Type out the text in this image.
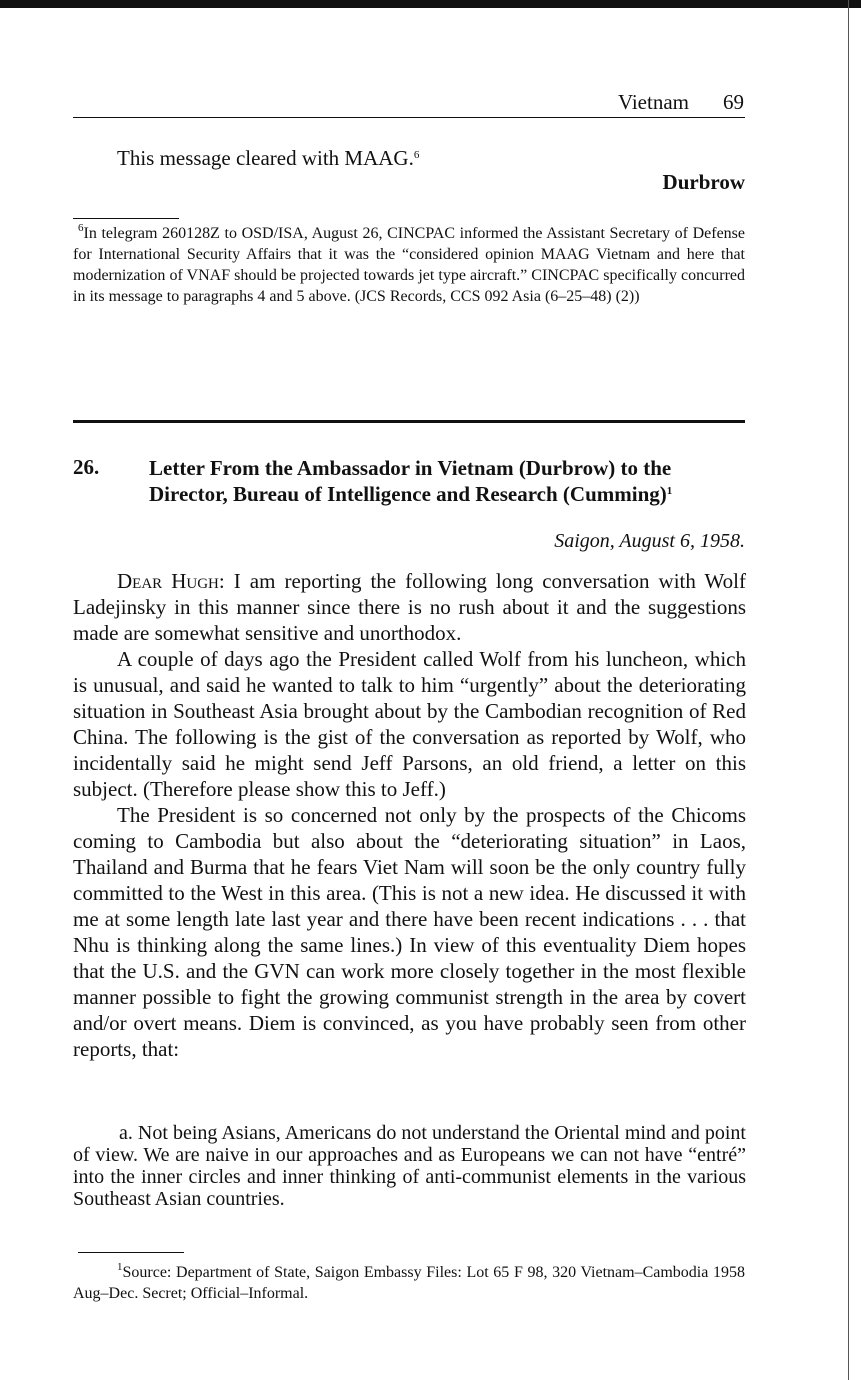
Vietnam 69
This message cleared with MAAG.$^6$
Durbrow
$^6$In telegram 260128Z to OSD/ISA, August 26, CINCPAC informed the Assistant Secretary of Defense for International Security Affairs that it was the “considered opinion MAAG Vietnam and here that modernization of VNAF should be projected towards jet type aircraft.” CINCPAC specifically concurred in its message to paragraphs 4 and 5 above. (JCS Records, CCS 092 Asia (6–25–48) (2))
26. Letter From the Ambassador in Vietnam (Durbrow) to the Director, Bureau of Intelligence and Research $(Cumming)^1$
Saigon, August 6, 1958.

Dear Hugh: I am reporting the following long conversation with Wolf Ladejinsky in this manner since there is no rush about it and the suggestions made are somewhat sensitive and unorthodox.

A couple of days ago the President called Wolf from his luncheon, which is unusual, and said he wanted to talk to him “urgently” about the deteriorating situation in Southeast Asia brought about by the Cambodian recognition of Red China. The following is the gist of the conversation as reported by Wolf, who incidentally said he might send Jeff Parsons, an old friend, a letter on this subject. (Therefore please show this to Jeff.)

The President is so concerned not only by the prospects of the Chicoms coming to Cambodia but also about the “deteriorating situation” in Laos, Thailand and Burma that he fears Viet Nam will soon be the only country fully committed to the West in this area. (This is not a new idea. He discussed it with me at some length late last year and there have been recent indications . . . that Nhu is thinking along the same lines.) In view of this eventuality Diem hopes that the U.S. and the GVN can work more closely together in the most flexible manner possible to fight the growing communist strength in the area by covert and/or overt means. Diem is convinced, as you have probably seen from other reports, that:

a. Not being Asians, Americans do not understand the Oriental mind and point of view. We are naive in our approaches and as Europeans we can not have “entré” into the inner circles and inner thinking of anti-communist elements in the various Southeast Asian countries.

$^1$Source: Department of State, Saigon Embassy Files: Lot 65 F 98, 320 Vietnam–Cambodia 1958 Aug–Dec. Secret; Official–Informal.
